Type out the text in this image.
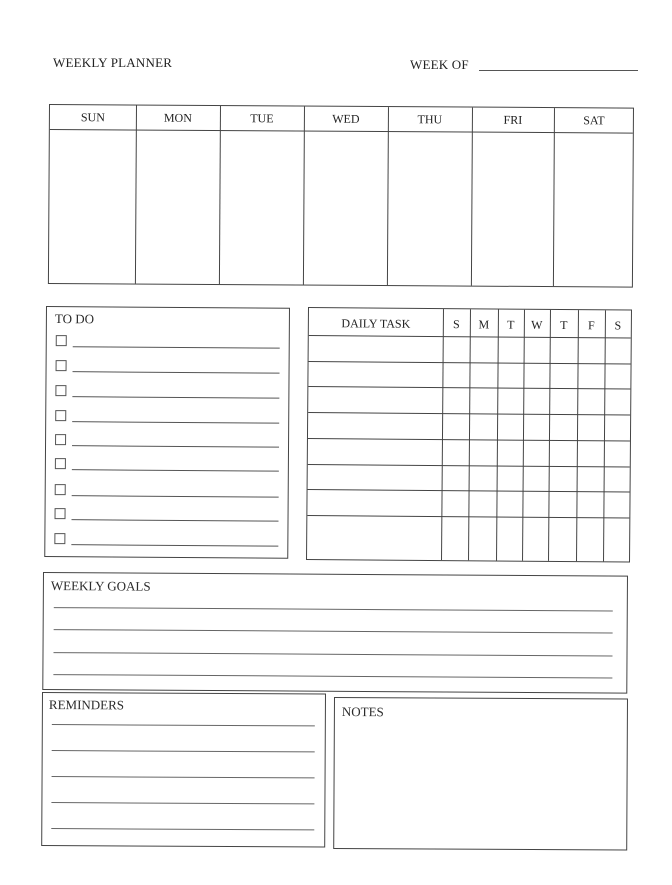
WEEKLY PLANNER	WEEK OF
SUN	MON	TUE	WED	THU	FRI	SAT
TO DO	DAILY TASK	S	M	T	W	T	F	S
WEEKLY GOALS
REMINDERS	NOTES
